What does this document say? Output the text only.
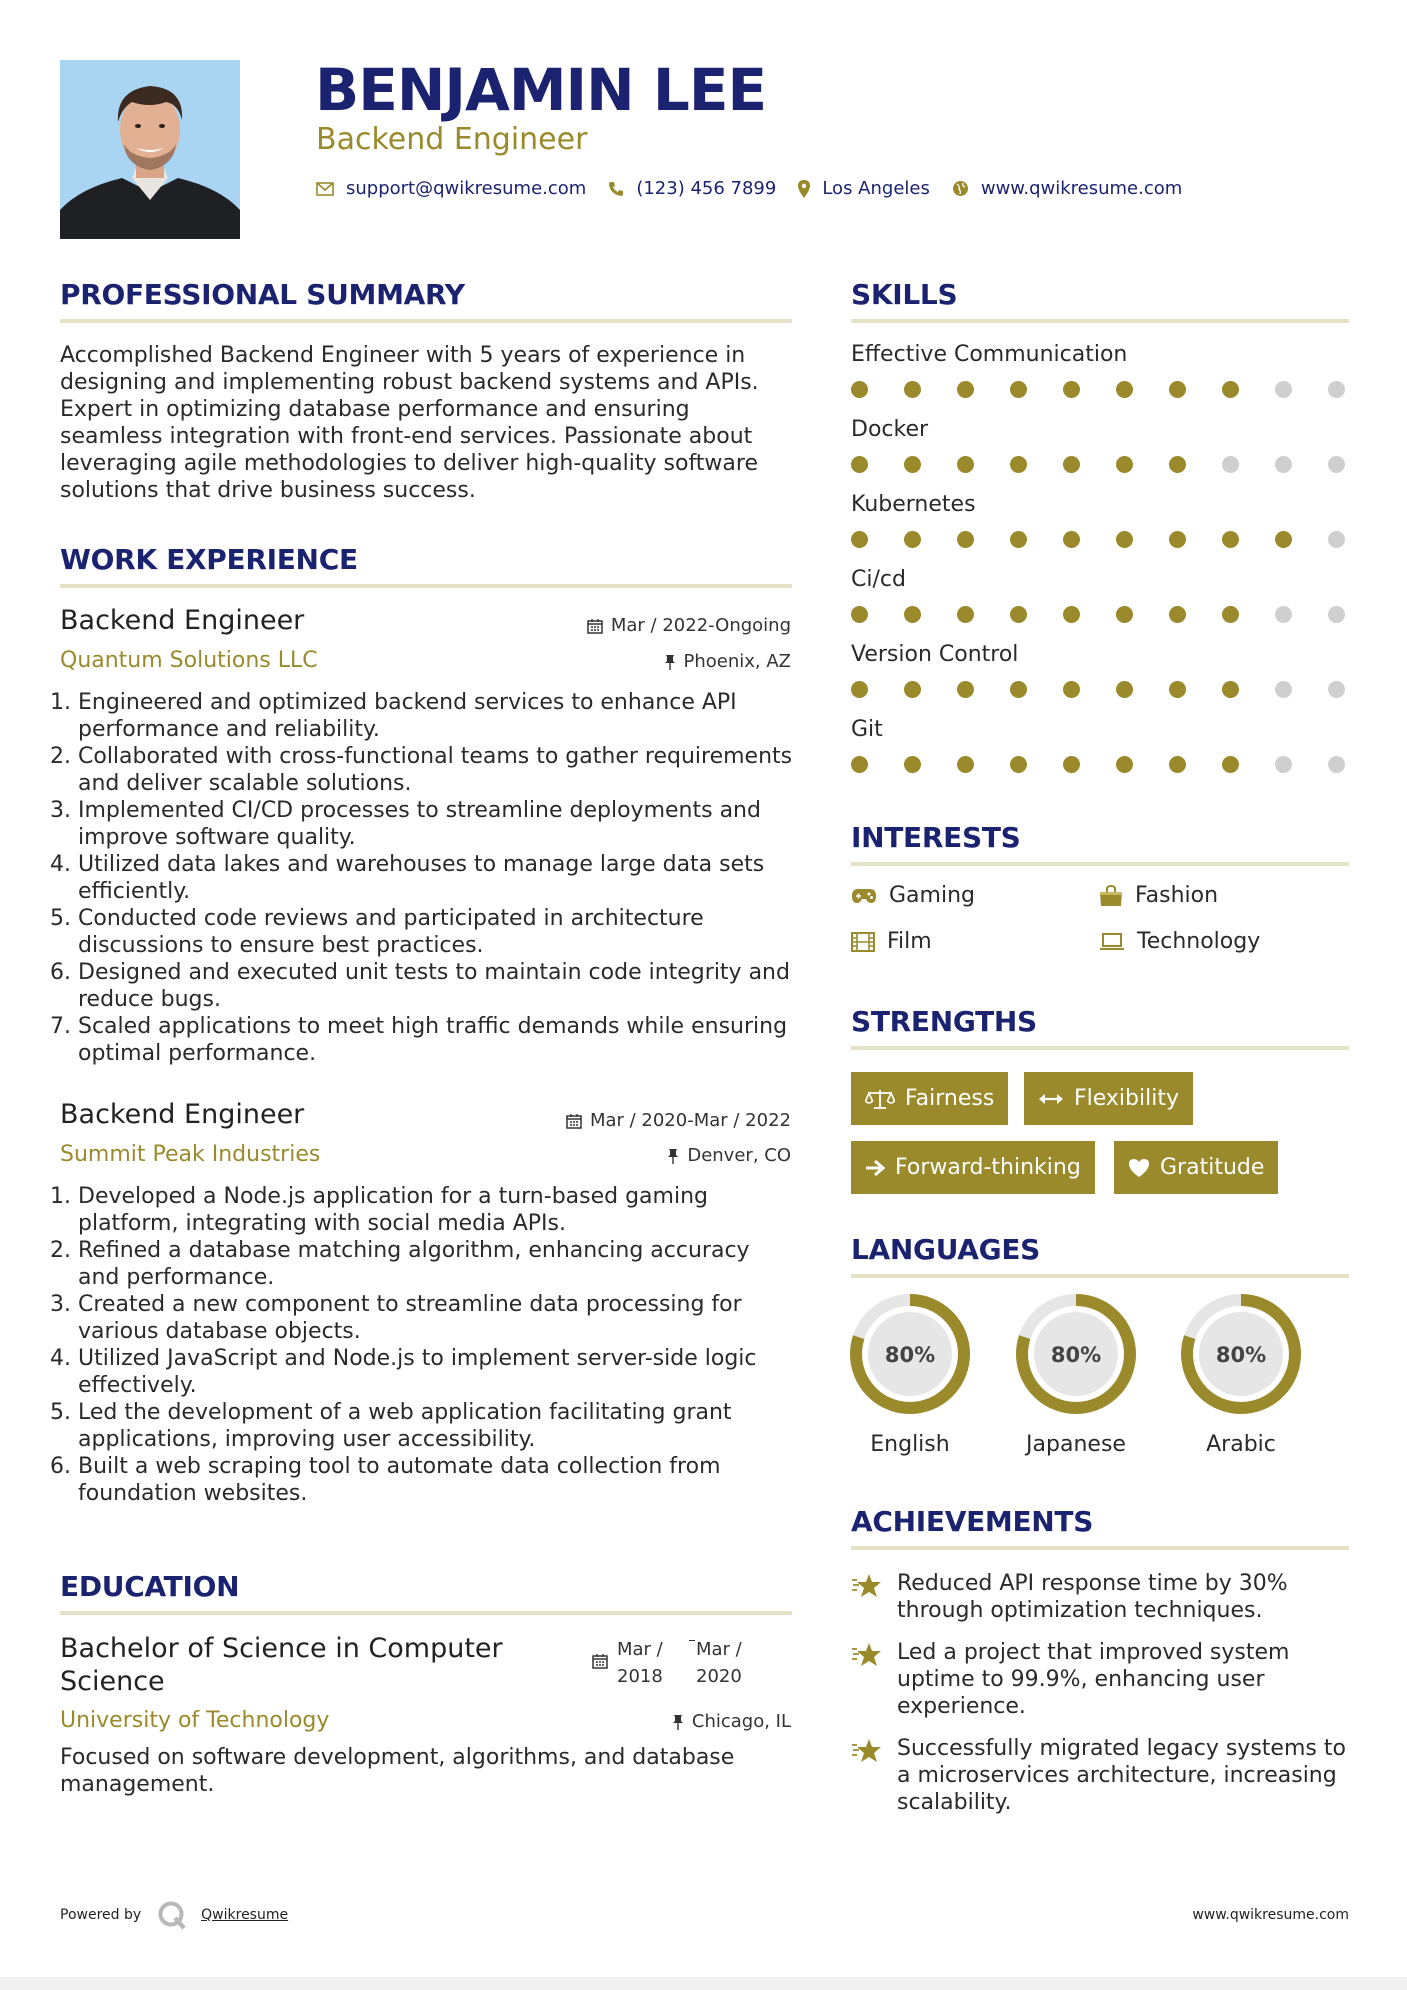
BENJAMIN LEE
Backend Engineer
support@qwikresume.com	(123) 456 7899	Los Angeles	www.qwikresume.com
PROFESSIONAL SUMMARY
Accomplished Backend Engineer with 5 years of experience in designing and implementing robust backend systems and APIs. Expert in optimizing database performance and ensuring seamless integration with front-end services. Passionate about leveraging agile methodologies to deliver high-quality software solutions that drive business success.
WORK EXPERIENCE
Backend Engineer	Mar / 2022-Ongoing
Quantum Solutions LLC	Phoenix, AZ
1. Engineered and optimized backend services to enhance API performance and reliability.
2. Collaborated with cross-functional teams to gather requirements and deliver scalable solutions.
3. Implemented CI/CD processes to streamline deployments and improve software quality.
4. Utilized data lakes and warehouses to manage large data sets efficiently.
5. Conducted code reviews and participated in architecture discussions to ensure best practices.
6. Designed and executed unit tests to maintain code integrity and reduce bugs.
7. Scaled applications to meet high traffic demands while ensuring optimal performance.
Backend Engineer	Mar / 2020-Mar / 2022
Summit Peak Industries	Denver, CO
1. Developed a Node.js application for a turn-based gaming platform, integrating with social media APIs.
2. Refined a database matching algorithm, enhancing accuracy and performance.
3. Created a new component to streamline data processing for various database objects.
4. Utilized JavaScript and Node.js to implement server-side logic effectively.
5. Led the development of a web application facilitating grant applications, improving user accessibility.
6. Built a web scraping tool to automate data collection from foundation websites.
EDUCATION
Bachelor of Science in Computer Science
Mar /
2018
Mar /
2020
University of Technology	Chicago, IL
Focused on software development, algorithms, and database management.
SKILLS
Effective Communication
Docker
Kubernetes
Ci/cd
Version Control
Git
INTERESTS
Gaming	Fashion
Film	Technology
STRENGTHS
Fairness	Flexibility
Forward-thinking	Gratitude
LANGUAGES
80%
English
80%
Japanese
80%
Arabic
ACHIEVEMENTS
Reduced API response time by 30% through optimization techniques.
Led a project that improved system uptime to 99.9%, enhancing user experience.
Successfully migrated legacy systems to a microservices architecture, increasing scalability.
Powered by	Qwikresume	www.qwikresume.com
